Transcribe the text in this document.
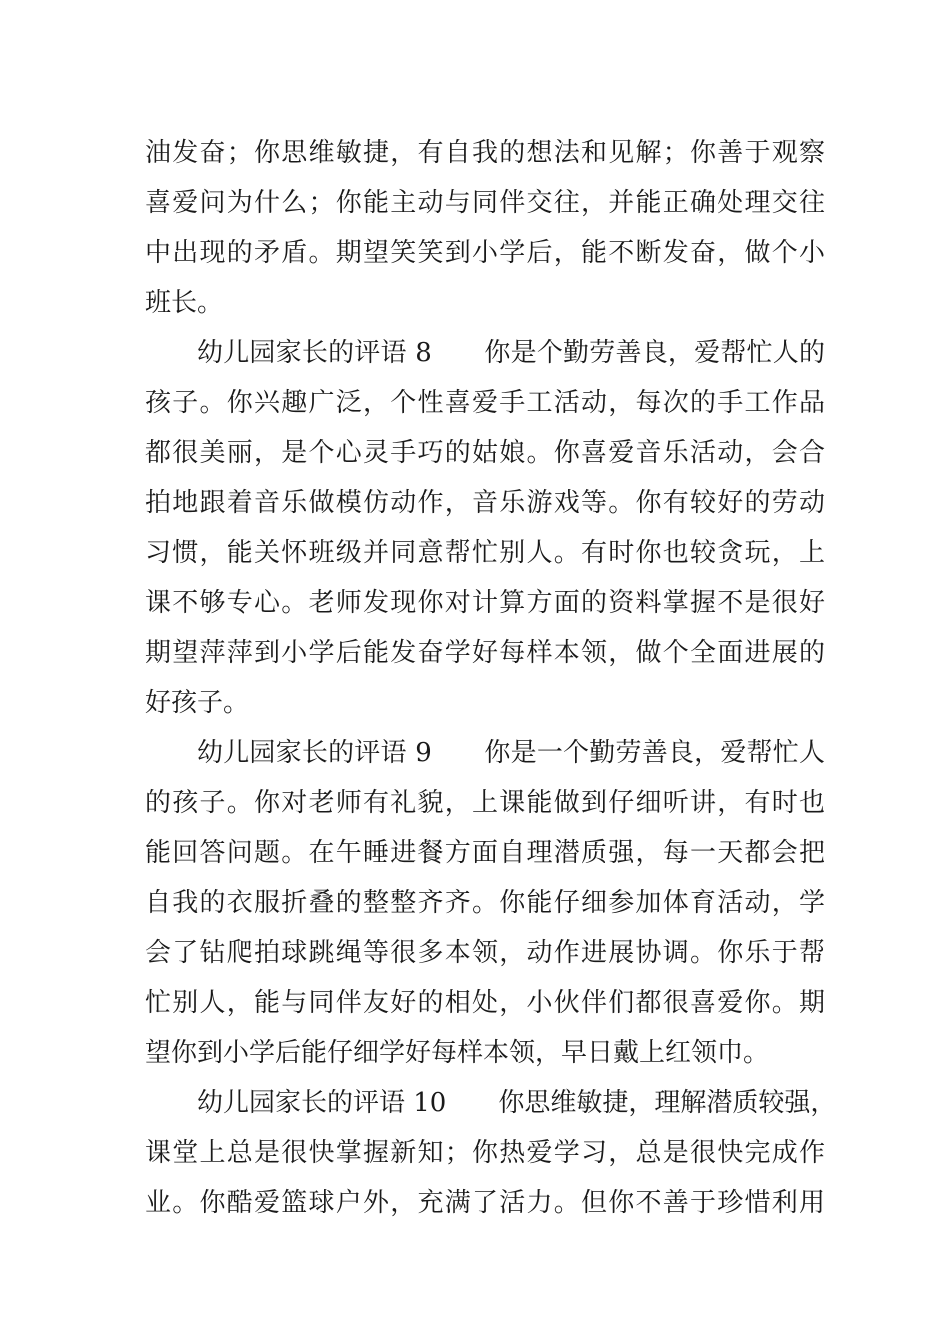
油发奋；你思维敏捷，有自我的想法和见解；你善于观察
喜爱问为什么；你能主动与同伴交往，并能正确处理交往
中出现的矛盾。期望笑笑到小学后，能不断发奋，做个小
班长。
幼儿园家长的评语 8　　你是个勤劳善良，爱帮忙人的
孩子。你兴趣广泛，个性喜爱手工活动，每次的手工作品
都很美丽，是个心灵手巧的姑娘。你喜爱音乐活动，会合
拍地跟着音乐做模仿动作，音乐游戏等。你有较好的劳动
习惯，能关怀班级并同意帮忙别人。有时你也较贪玩，上
课不够专心。老师发现你对计算方面的资料掌握不是很好
期望萍萍到小学后能发奋学好每样本领，做个全面进展的
好孩子。
幼儿园家长的评语 9　　你是一个勤劳善良，爱帮忙人
的孩子。你对老师有礼貌，上课能做到仔细听讲，有时也
能回答问题。在午睡进餐方面自理潜质强，每一天都会把
自我的衣服折叠的整整齐齐。你能仔细参加体育活动，学
会了钻爬拍球跳绳等很多本领，动作进展协调。你乐于帮
忙别人，能与同伴友好的相处，小伙伴们都很喜爱你。期
望你到小学后能仔细学好每样本领，早日戴上红领巾。
幼儿园家长的评语 10　　你思维敏捷，理解潜质较强，
课堂上总是很快掌握新知；你热爱学习，总是很快完成作
业。你酷爱篮球户外，充满了活力。但你不善于珍惜利用
